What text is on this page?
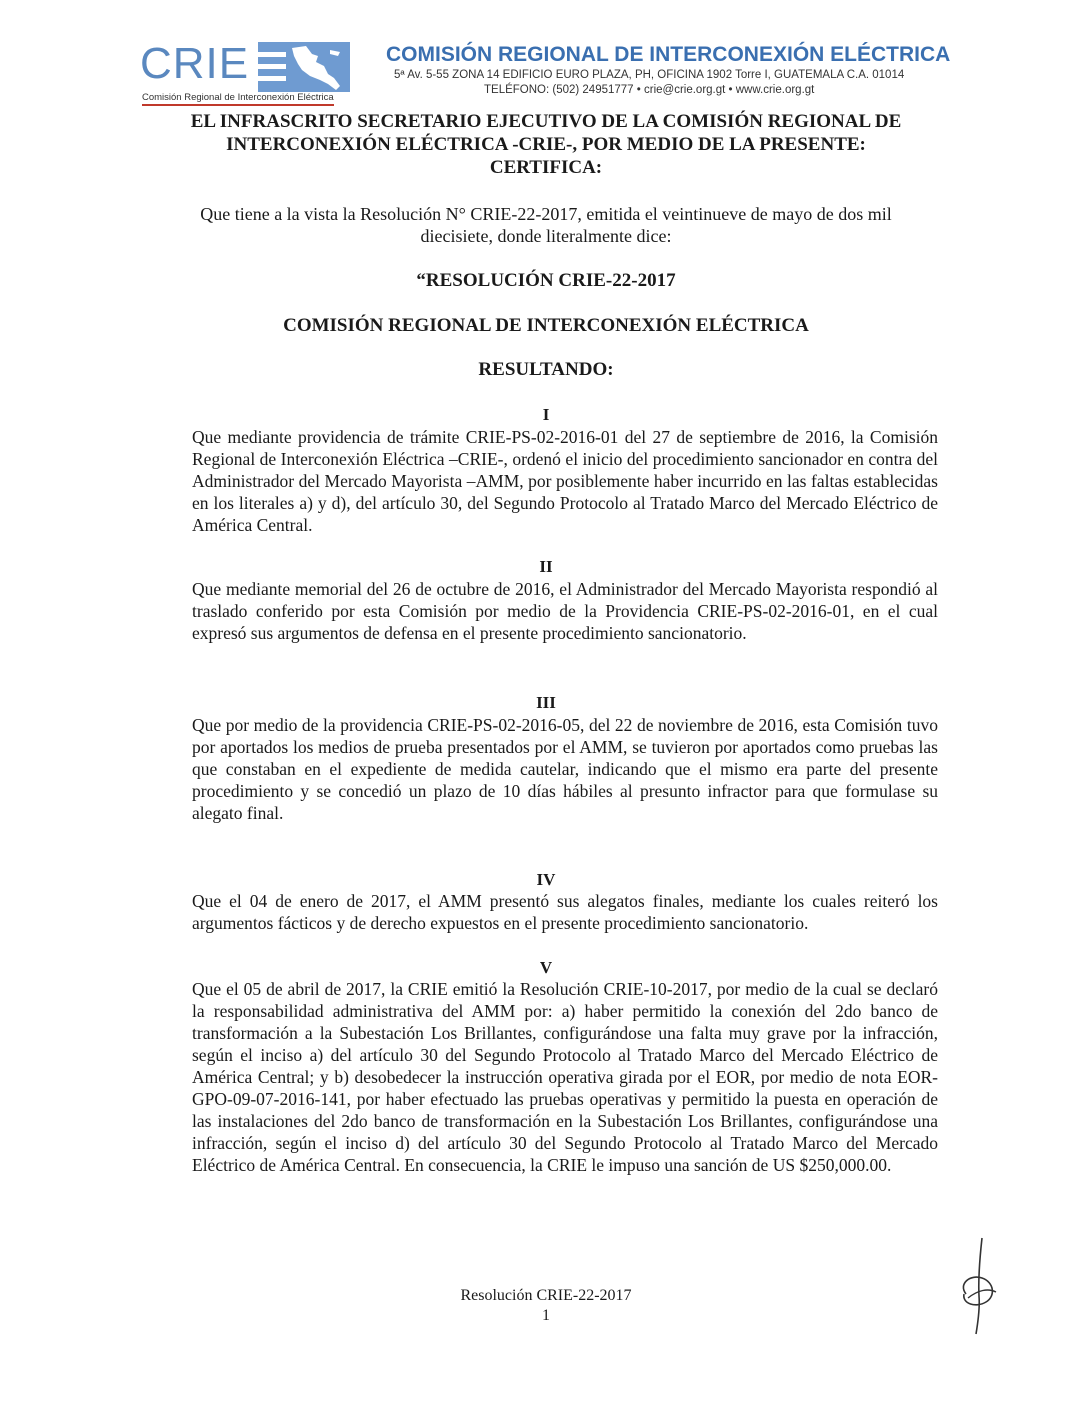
CRIE
Comisión Regional de Interconexión Eléctrica
COMISIÓN REGIONAL DE INTERCONEXIÓN ELÉCTRICA
5ª Av. 5-55 ZONA 14 EDIFICIO EURO PLAZA, PH, OFICINA 1902 Torre I, GUATEMALA C.A. 01014
TELÉFONO: (502) 24951777 • crie@crie.org.gt • www.crie.org.gt
EL INFRASCRITO SECRETARIO EJECUTIVO DE LA COMISIÓN REGIONAL DE
INTERCONEXIÓN ELÉCTRICA -CRIE-, POR MEDIO DE LA PRESENTE:
CERTIFICA:
Que tiene a la vista la Resolución N° CRIE-22-2017, emitida el veintinueve de mayo de dos mil
diecisiete, donde literalmente dice:
“RESOLUCIÓN CRIE-22-2017
COMISIÓN REGIONAL DE INTERCONEXIÓN ELÉCTRICA
RESULTANDO:
I
Que mediante providencia de trámite CRIE-PS-02-2016-01 del 27 de septiembre de 2016, la Comisión Regional de Interconexión Eléctrica –CRIE-, ordenó el inicio del procedimiento sancionador en contra del Administrador del Mercado Mayorista –AMM, por posiblemente haber incurrido en las faltas establecidas en los literales a) y d), del artículo 30, del Segundo Protocolo al Tratado Marco del Mercado Eléctrico de América Central.
II
Que mediante memorial del 26 de octubre de 2016, el Administrador del Mercado Mayorista respondió al traslado conferido por esta Comisión por medio de la Providencia CRIE-PS-02-2016-01, en el cual expresó sus argumentos de defensa en el presente procedimiento sancionatorio.
III
Que por medio de la providencia CRIE-PS-02-2016-05, del 22 de noviembre de 2016, esta Comisión tuvo por aportados los medios de prueba presentados por el AMM, se tuvieron por aportados como pruebas las que constaban en el expediente de medida cautelar, indicando que el mismo era parte del presente procedimiento y se concedió un plazo de 10 días hábiles al presunto infractor para que formulase su alegato final.
IV
Que el 04 de enero de 2017, el AMM presentó sus alegatos finales, mediante los cuales reiteró los argumentos fácticos y de derecho expuestos en el presente procedimiento sancionatorio.
V
Que el 05 de abril de 2017, la CRIE emitió la Resolución CRIE-10-2017, por medio de la cual se declaró la responsabilidad administrativa del AMM por: a) haber permitido la conexión del 2do banco de transformación a la Subestación Los Brillantes, configurándose una falta muy grave por la infracción, según el inciso a) del artículo 30 del Segundo Protocolo al Tratado Marco del Mercado Eléctrico de América Central; y b) desobedecer la instrucción operativa girada por el EOR, por medio de nota EOR-GPO-09-07-2016-141, por haber efectuado las pruebas operativas y permitido la puesta en operación de las instalaciones del 2do banco de transformación en la Subestación Los Brillantes, configurándose una infracción, según el inciso d) del artículo 30 del Segundo Protocolo al Tratado Marco del Mercado Eléctrico de América Central. En consecuencia, la CRIE le impuso una sanción de US $250,000.00.
Resolución CRIE-22-2017
1
